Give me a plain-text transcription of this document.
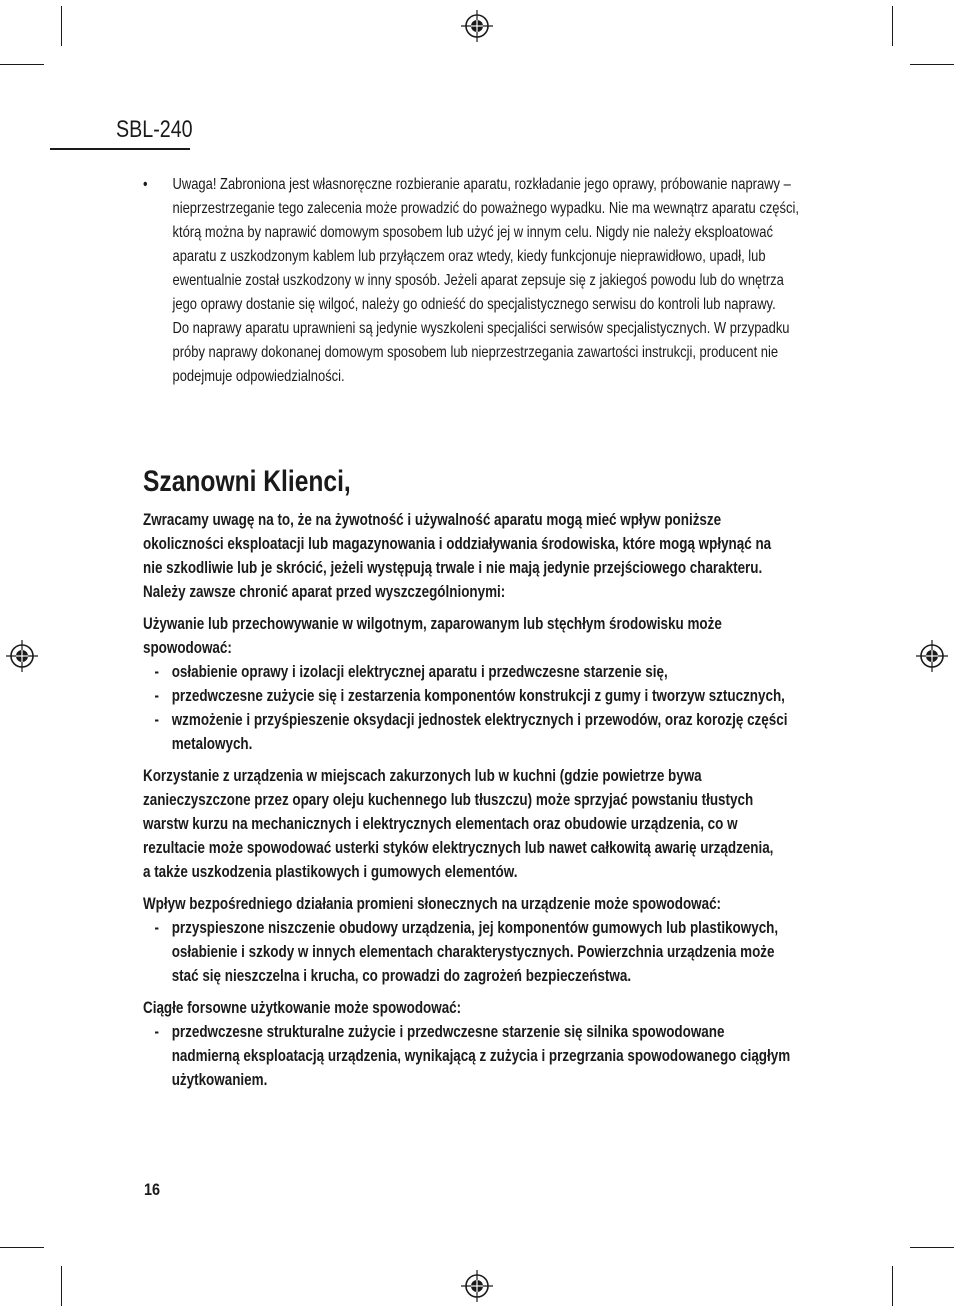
SBL-240
• Uwaga! Zabroniona jest własnoręczne rozbieranie aparatu, rozkładanie jego oprawy, próbowanie naprawy –
nieprzestrzeganie tego zalecenia może prowadzić do poważnego wypadku. Nie ma wewnątrz aparatu części,
którą można by naprawić domowym sposobem lub użyć jej w innym celu. Nigdy nie należy eksploatować
aparatu z uszkodzonym kablem lub przyłączem oraz wtedy, kiedy funkcjonuje nieprawidłowo, upadł, lub
ewentualnie został uszkodzony w inny sposób. Jeżeli aparat zepsuje się z jakiegoś powodu lub do wnętrza
jego oprawy dostanie się wilgoć, należy go odnieść do specjalistycznego serwisu do kontroli lub naprawy.
Do naprawy aparatu uprawnieni są jedynie wyszkoleni specjaliści serwisów specjalistycznych. W przypadku
próby naprawy dokonanej domowym sposobem lub nieprzestrzegania zawartości instrukcji, producent nie
podejmuje odpowiedzialności.
Szanowni Klienci,

Zwracamy uwagę na to, że na żywotność i używalność aparatu mogą mieć wpływ poniższe
okoliczności eksploatacji lub magazynowania i oddziaływania środowiska, które mogą wpłynąć na
nie szkodliwie lub je skrócić, jeżeli występują trwale i nie mają jedynie przejściowego charakteru.
Należy zawsze chronić aparat przed wyszczególnionymi:

Używanie lub przechowywanie w wilgotnym, zaparowanym lub stęchłym środowisku może
spowodować:

- osłabienie oprawy i izolacji elektrycznej aparatu i przedwczesne starzenie się,
- przedwczesne zużycie się i zestarzenia komponentów konstrukcji z gumy i tworzyw sztucznych,
- wzmożenie i przyśpieszenie oksydacji jednostek elektrycznych i przewodów, oraz korozję części
metalowych.

Korzystanie z urządzenia w miejscach zakurzonych lub w kuchni (gdzie powietrze bywa
zanieczyszczone przez opary oleju kuchennego lub tłuszczu) może sprzyjać powstaniu tłustych
warstw kurzu na mechanicznych i elektrycznych elementach oraz obudowie urządzenia, co w
rezultacie może spowodować usterki styków elektrycznych lub nawet całkowitą awarię urządzenia,
a także uszkodzenia plastikowych i gumowych elementów.

Wpływ bezpośredniego działania promieni słonecznych na urządzenie może spowodować:

- przyspieszone niszczenie obudowy urządzenia, jej komponentów gumowych lub plastikowych,
osłabienie i szkody w innych elementach charakterystycznych. Powierzchnia urządzenia może
stać się nieszczelna i krucha, co prowadzi do zagrożeń bezpieczeństwa.

Ciągłe forsowne użytkowanie może spowodować:

- przedwczesne strukturalne zużycie i przedwczesne starzenie się silnika spowodowane
nadmierną eksploatacją urządzenia, wynikającą z zużycia i przegrzania spowodowanego ciągłym
użytkowaniem.
16
